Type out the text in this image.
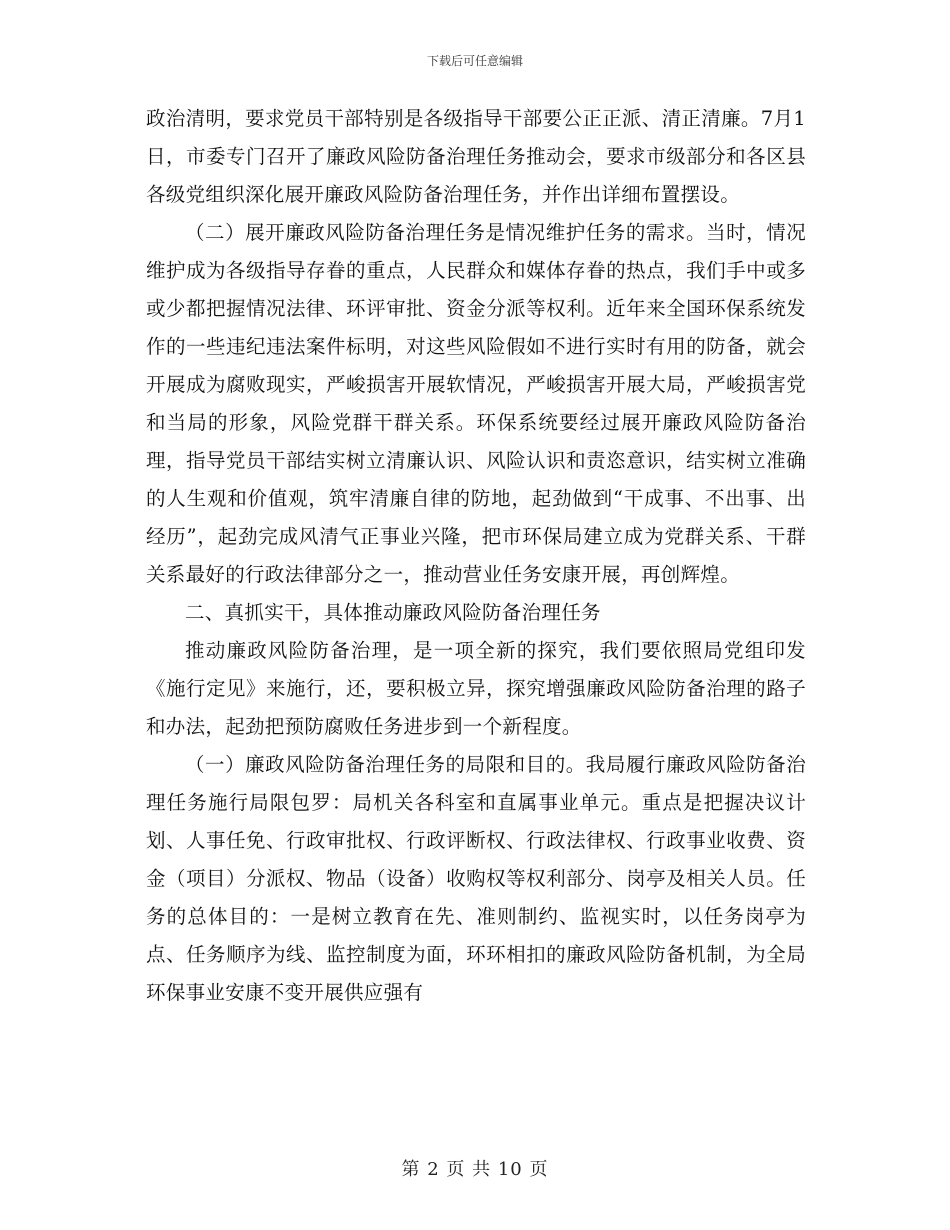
下载后可任意编辑

政治清明，要求党员干部特别是各级指导干部要公正正派、清正清廉。7月1日，市委专门召开了廉政风险防备治理任务推动会，要求市级部分和各区县各级党组织深化展开廉政风险防备治理任务，并作出详细布置摆设。

（二）展开廉政风险防备治理任务是情况维护任务的需求。当时，情况维护成为各级指导存眷的重点，人民群众和媒体存眷的热点，我们手中或多或少都把握情况法律、环评审批、资金分派等权利。近年来全国环保系统发作的一些违纪违法案件标明，对这些风险假如不进行实时有用的防备，就会开展成为腐败现实，严峻损害开展软情况，严峻损害开展大局，严峻损害党和当局的形象，风险党群干群关系。环保系统要经过展开廉政风险防备治理，指导党员干部结实树立清廉认识、风险认识和责恣意识，结实树立准确的人生观和价值观，筑牢清廉自律的防地，起劲做到“干成事、不出事、出经历”，起劲完成风清气正事业兴隆，把市环保局建立成为党群关系、干群关系最好的行政法律部分之一，推动营业任务安康开展，再创辉煌。

二、真抓实干，具体推动廉政风险防备治理任务

推动廉政风险防备治理，是一项全新的探究，我们要依照局党组印发《施行定见》来施行，还，要积极立异，探究增强廉政风险防备治理的路子和办法，起劲把预防腐败任务进步到一个新程度。

（一）廉政风险防备治理任务的局限和目的。我局履行廉政风险防备治理任务施行局限包罗：局机关各科室和直属事业单元。重点是把握决议计划、人事任免、行政审批权、行政评断权、行政法律权、行政事业收费、资金（项目）分派权、物品（设备）收购权等权利部分、岗亭及相关人员。任务的总体目的：一是树立教育在先、准则制约、监视实时，以任务岗亭为点、任务顺序为线、监控制度为面，环环相扣的廉政风险防备机制，为全局环保事业安康不变开展供应强有

第 2 页 共 10 页
